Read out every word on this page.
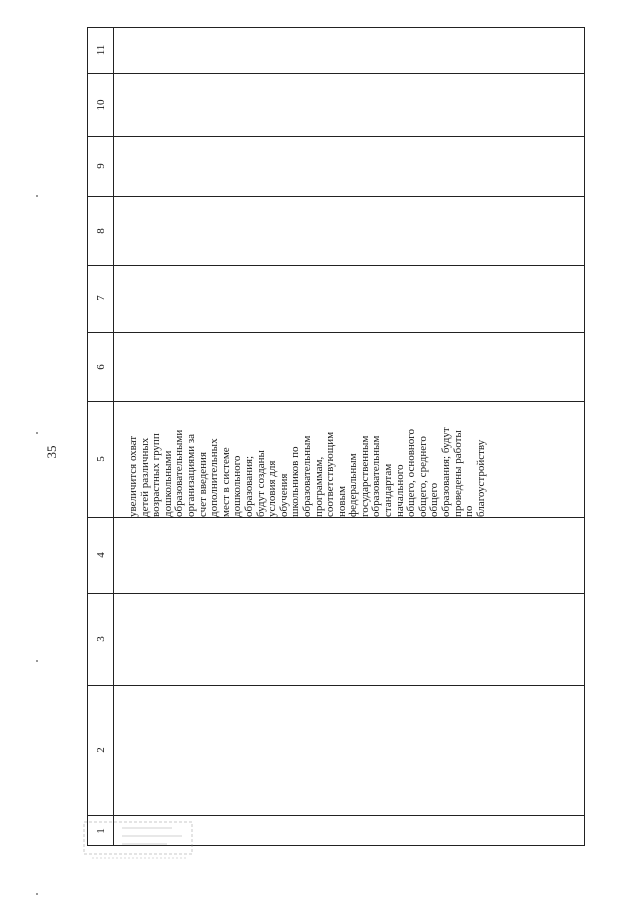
35
11
10
9
8
7
6
5
4
3
2
1
увеличится охват детей различных возрастных групп дошкольными образовательными организациями за счет введения дополнительных мест в системе дошкольного образования; будут созданы условия для обучения школьников по образовательным программам, соответствующим новым федеральным государственным образовательным стандартам начального общего, основного общего, среднего общего образования; будут проведены работы по благоустройству
